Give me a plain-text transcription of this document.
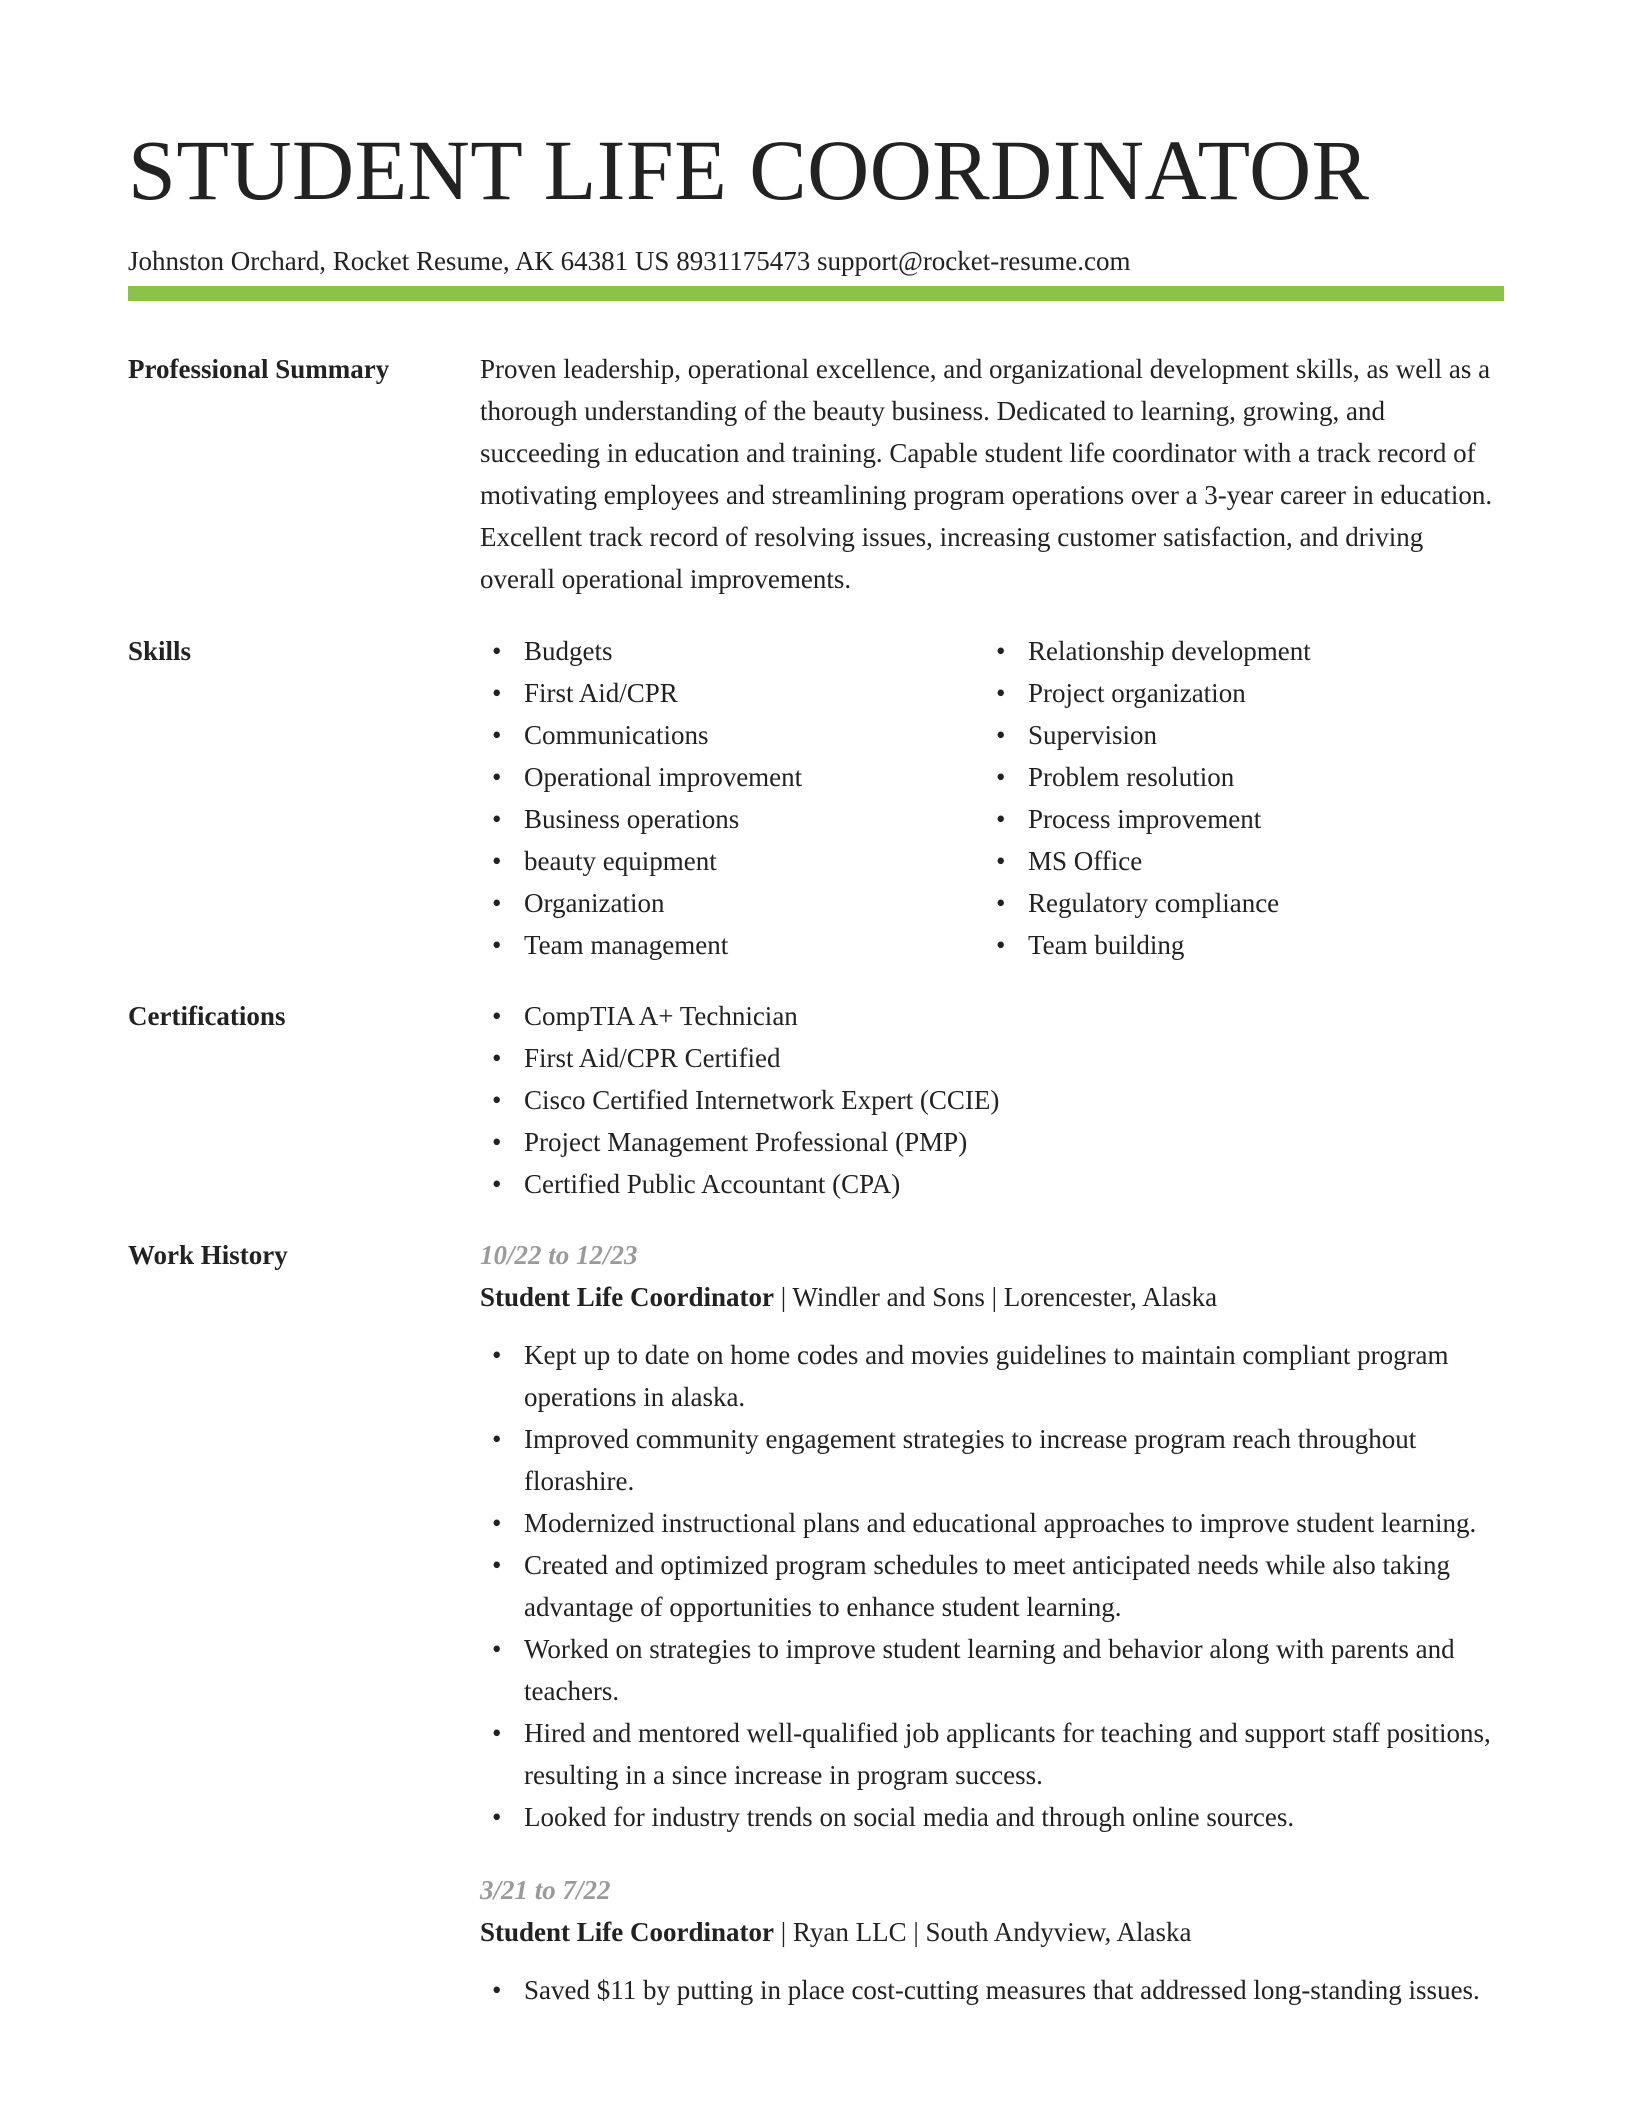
STUDENT LIFE COORDINATOR
Johnston Orchard, Rocket Resume, AK 64381 US 8931175473 support@rocket-resume.com
Professional Summary	Proven leadership, operational excellence, and organizational development skills, as well as a thorough understanding of the beauty business. Dedicated to learning, growing, and succeeding in education and training. Capable student life coordinator with a track record of motivating employees and streamlining program operations over a 3-year career in education. Excellent track record of resolving issues, increasing customer satisfaction, and driving overall operational improvements.

Skills	• Budgets
• First Aid/CPR
• Communications
• Operational improvement
• Business operations
• beauty equipment
• Organization
• Team management
• Relationship development
• Project organization
• Supervision
• Problem resolution
• Process improvement
• MS Office
• Regulatory compliance
• Team building
Certifications	• CompTIA A+ Technician
• First Aid/CPR Certified
• Cisco Certified Internetwork Expert (CCIE)
• Project Management Professional (PMP)
• Certified Public Accountant (CPA)
Work History	10/22 to 12/23
Student Life Coordinator | Windler and Sons | Lorencester, Alaska
• Kept up to date on home codes and movies guidelines to maintain compliant program operations in alaska.
• Improved community engagement strategies to increase program reach throughout florashire.
• Modernized instructional plans and educational approaches to improve student learning.
• Created and optimized program schedules to meet anticipated needs while also taking advantage of opportunities to enhance student learning.
• Worked on strategies to improve student learning and behavior along with parents and teachers.
• Hired and mentored well-qualified job applicants for teaching and support staff positions, resulting in a since increase in program success.
• Looked for industry trends on social media and through online sources.
3/21 to 7/22
Student Life Coordinator | Ryan LLC | South Andyview, Alaska
• Saved $11 by putting in place cost-cutting measures that addressed long-standing issues.
